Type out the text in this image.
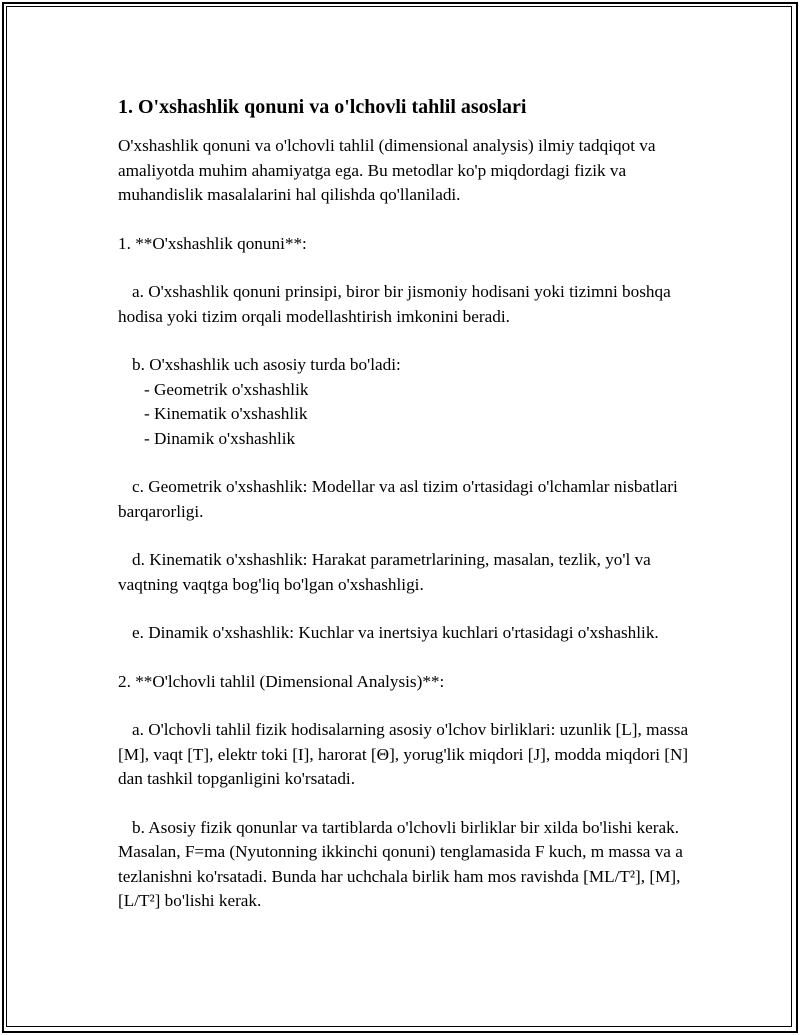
1. O'xshashlik qonuni va o'lchovli tahlil asoslari

O'xshashlik qonuni va o'lchovli tahlil (dimensional analysis) ilmiy tadqiqot va amaliyotda muhim ahamiyatga ega. Bu metodlar ko'p miqdordagi fizik va muhandislik masalalarini hal qilishda qo'llaniladi.

1. **O'xshashlik qonuni**:

a. O'xshashlik qonuni prinsipi, biror bir jismoniy hodisani yoki tizimni boshqa hodisa yoki tizim orqali modellashtirish imkonini beradi.

b. O'xshashlik uch asosiy turda bo'ladi:
- Geometrik o'xshashlik
- Kinematik o'xshashlik
- Dinamik o'xshashlik

c. Geometrik o'xshashlik: Modellar va asl tizim o'rtasidagi o'lchamlar nisbatlari barqarorligi.

d. Kinematik o'xshashlik: Harakat parametrlarining, masalan, tezlik, yo'l va vaqtning vaqtga bog'liq bo'lgan o'xshashligi.

e. Dinamik o'xshashlik: Kuchlar va inertsiya kuchlari o'rtasidagi o'xshashlik.

2. **O'lchovli tahlil (Dimensional Analysis)**:

a. O'lchovli tahlil fizik hodisalarning asosiy o'lchov birliklari: uzunlik [L], massa [M], vaqt [T], elektr toki [I], harorat [Θ], yorug'lik miqdori [J], modda miqdori [N] dan tashkil topganligini ko'rsatadi.

b. Asosiy fizik qonunlar va tartiblarda o'lchovli birliklar bir xilda bo'lishi kerak. Masalan, F=ma (Nyutonning ikkinchi qonuni) tenglamasida F kuch, m massa va a tezlanishni ko'rsatadi. Bunda har uchchala birlik ham mos ravishda [ML/T²], [M], [L/T²] bo'lishi kerak.
